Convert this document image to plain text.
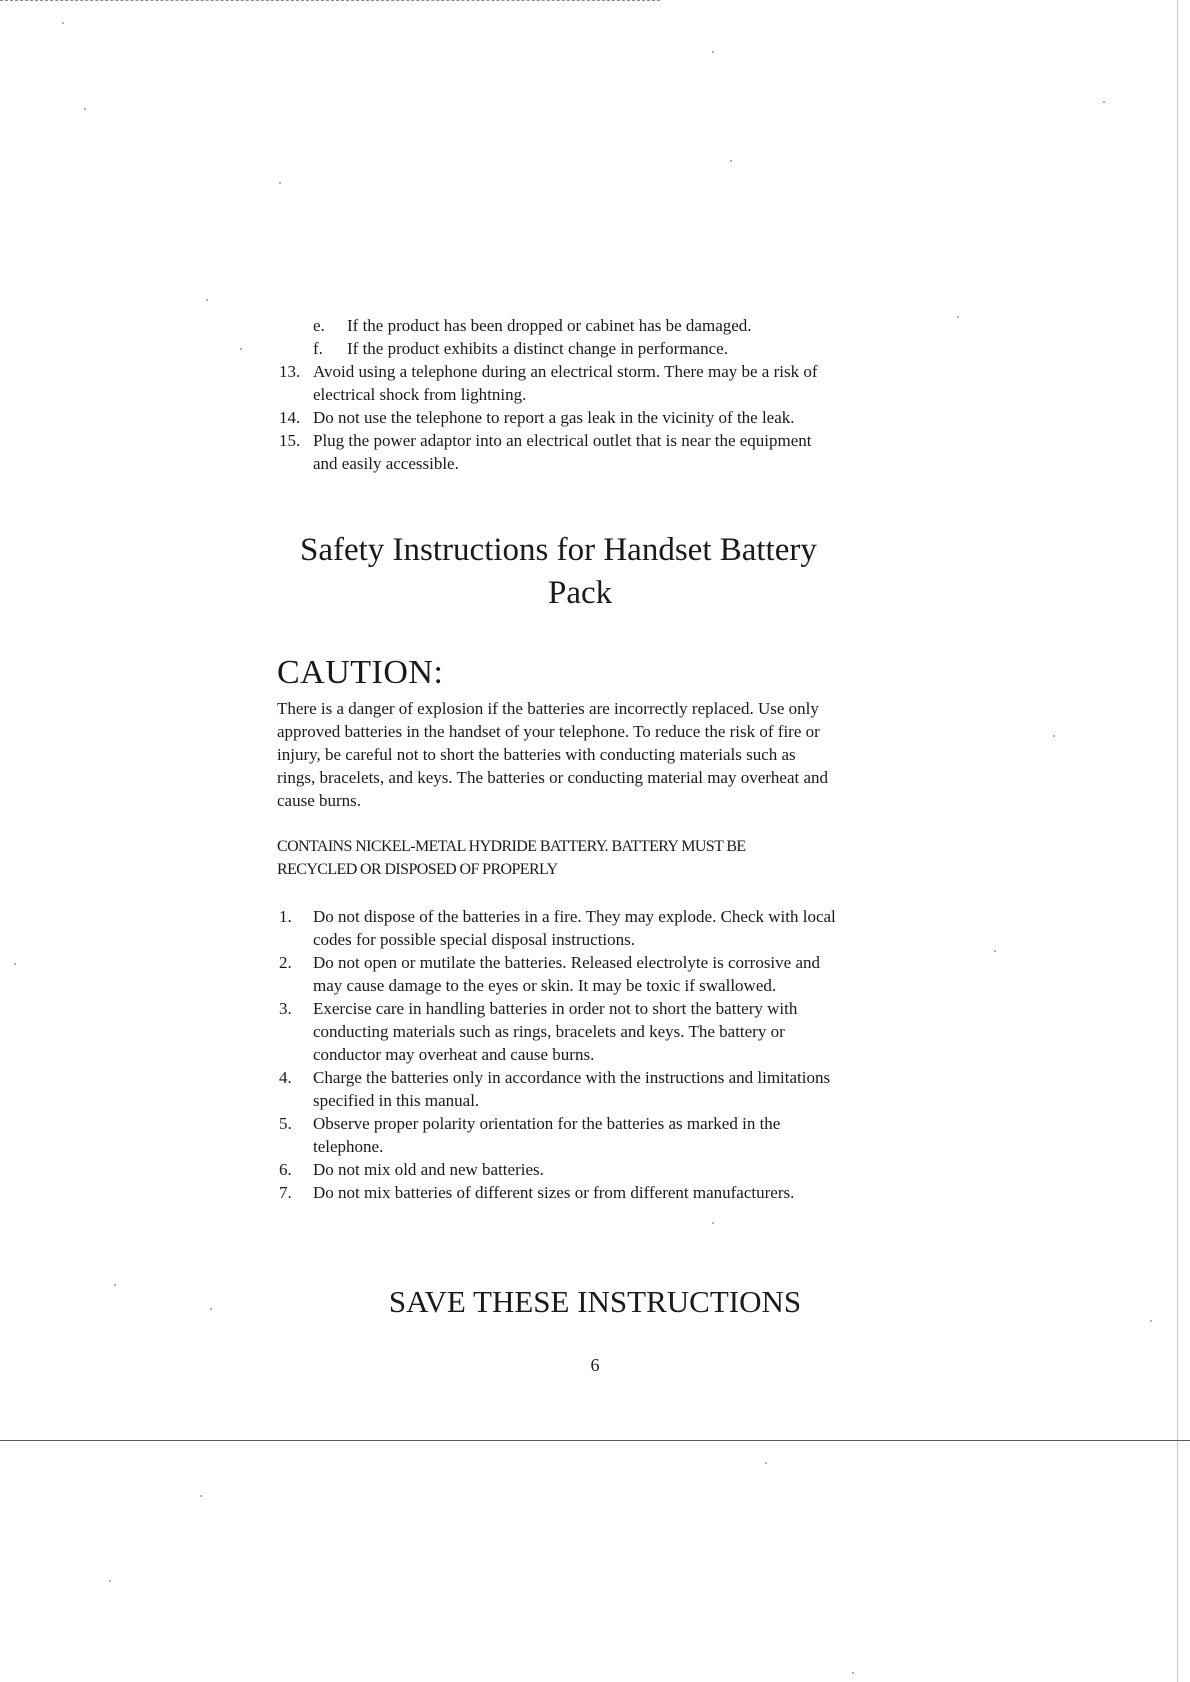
e. If the product has been dropped or cabinet has be damaged.
f. If the product exhibits a distinct change in performance.
13. Avoid using a telephone during an electrical storm. There may be a risk of
electrical shock from lightning.
14. Do not use the telephone to report a gas leak in the vicinity of the leak.
15. Plug the power adaptor into an electrical outlet that is near the equipment
and easily accessible.
Safety Instructions for Handset Battery
Pack
CAUTION:
There is a danger of explosion if the batteries are incorrectly replaced. Use only
approved batteries in the handset of your telephone. To reduce the risk of fire or
injury, be careful not to short the batteries with conducting materials such as
rings, bracelets, and keys. The batteries or conducting material may overheat and
cause burns.
CONTAINS NICKEL-METAL HYDRIDE BATTERY. BATTERY MUST BE
RECYCLED OR DISPOSED OF PROPERLY
1. Do not dispose of the batteries in a fire. They may explode. Check with local
codes for possible special disposal instructions.
2. Do not open or mutilate the batteries. Released electrolyte is corrosive and
may cause damage to the eyes or skin. It may be toxic if swallowed.
3. Exercise care in handling batteries in order not to short the battery with
conducting materials such as rings, bracelets and keys. The battery or
conductor may overheat and cause burns.
4. Charge the batteries only in accordance with the instructions and limitations
specified in this manual.
5. Observe proper polarity orientation for the batteries as marked in the
telephone.
6. Do not mix old and new batteries.
7. Do not mix batteries of different sizes or from different manufacturers.
SAVE THESE INSTRUCTIONS
6
